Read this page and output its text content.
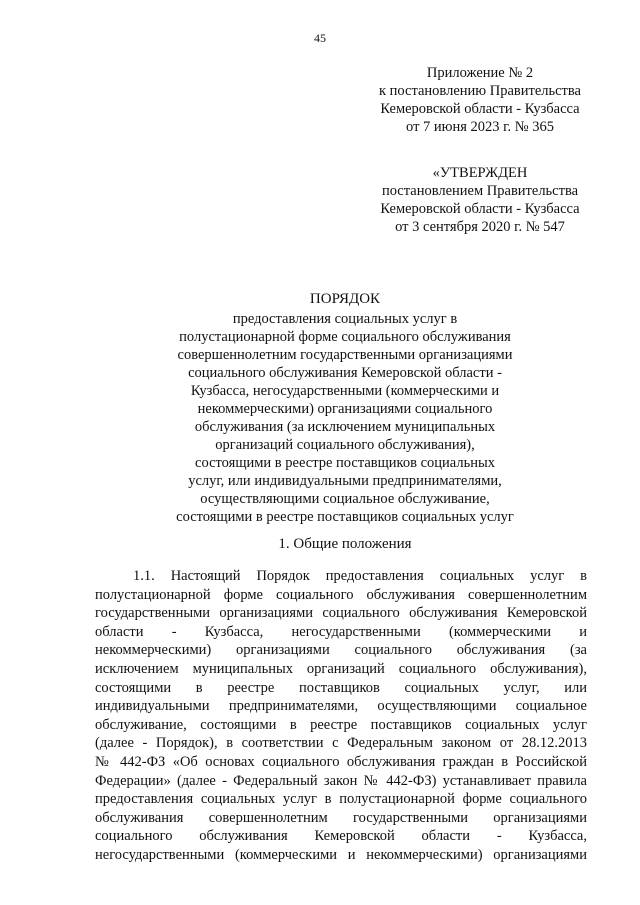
45
Приложение № 2
к постановлению Правительства
Кемеровской области - Кузбасса
от 7 июня 2023 г. № 365
«УТВЕРЖДЕН
постановлением Правительства
Кемеровской области - Кузбасса
от 3 сентября 2020 г. № 547
ПОРЯДОК
предоставления социальных услуг в
полустационарной форме социального обслуживания
совершеннолетним государственными организациями
социального обслуживания Кемеровской области -
Кузбасса, негосударственными (коммерческими и
некоммерческими) организациями социального
обслуживания (за исключением муниципальных
организаций социального обслуживания),
состоящими в реестре поставщиков социальных
услуг, или индивидуальными предпринимателями,
осуществляющими социальное обслуживание,
состоящими в реестре поставщиков социальных услуг
1. Общие положения
1.1. Настоящий Порядок предоставления социальных услуг в
полустационарной форме социального обслуживания совершеннолетним
государственными организациями социального обслуживания Кемеровской
области - Кузбасса, негосударственными (коммерческими и
некоммерческими) организациями социального обслуживания (за
исключением муниципальных организаций социального обслуживания),
состоящими в реестре поставщиков социальных услуг, или
индивидуальными предпринимателями, осуществляющими социальное
обслуживание, состоящими в реестре поставщиков социальных услуг
(далее - Порядок), в соответствии с Федеральным законом от 28.12.2013
№ 442-ФЗ «Об основах социального обслуживания граждан в Российской
Федерации» (далее - Федеральный закон № 442-ФЗ) устанавливает правила
предоставления социальных услуг в полустационарной форме социального
обслуживания совершеннолетним государственными организациями
социального обслуживания Кемеровской области - Кузбасса,
негосударственными (коммерческими и некоммерческими) организациями
